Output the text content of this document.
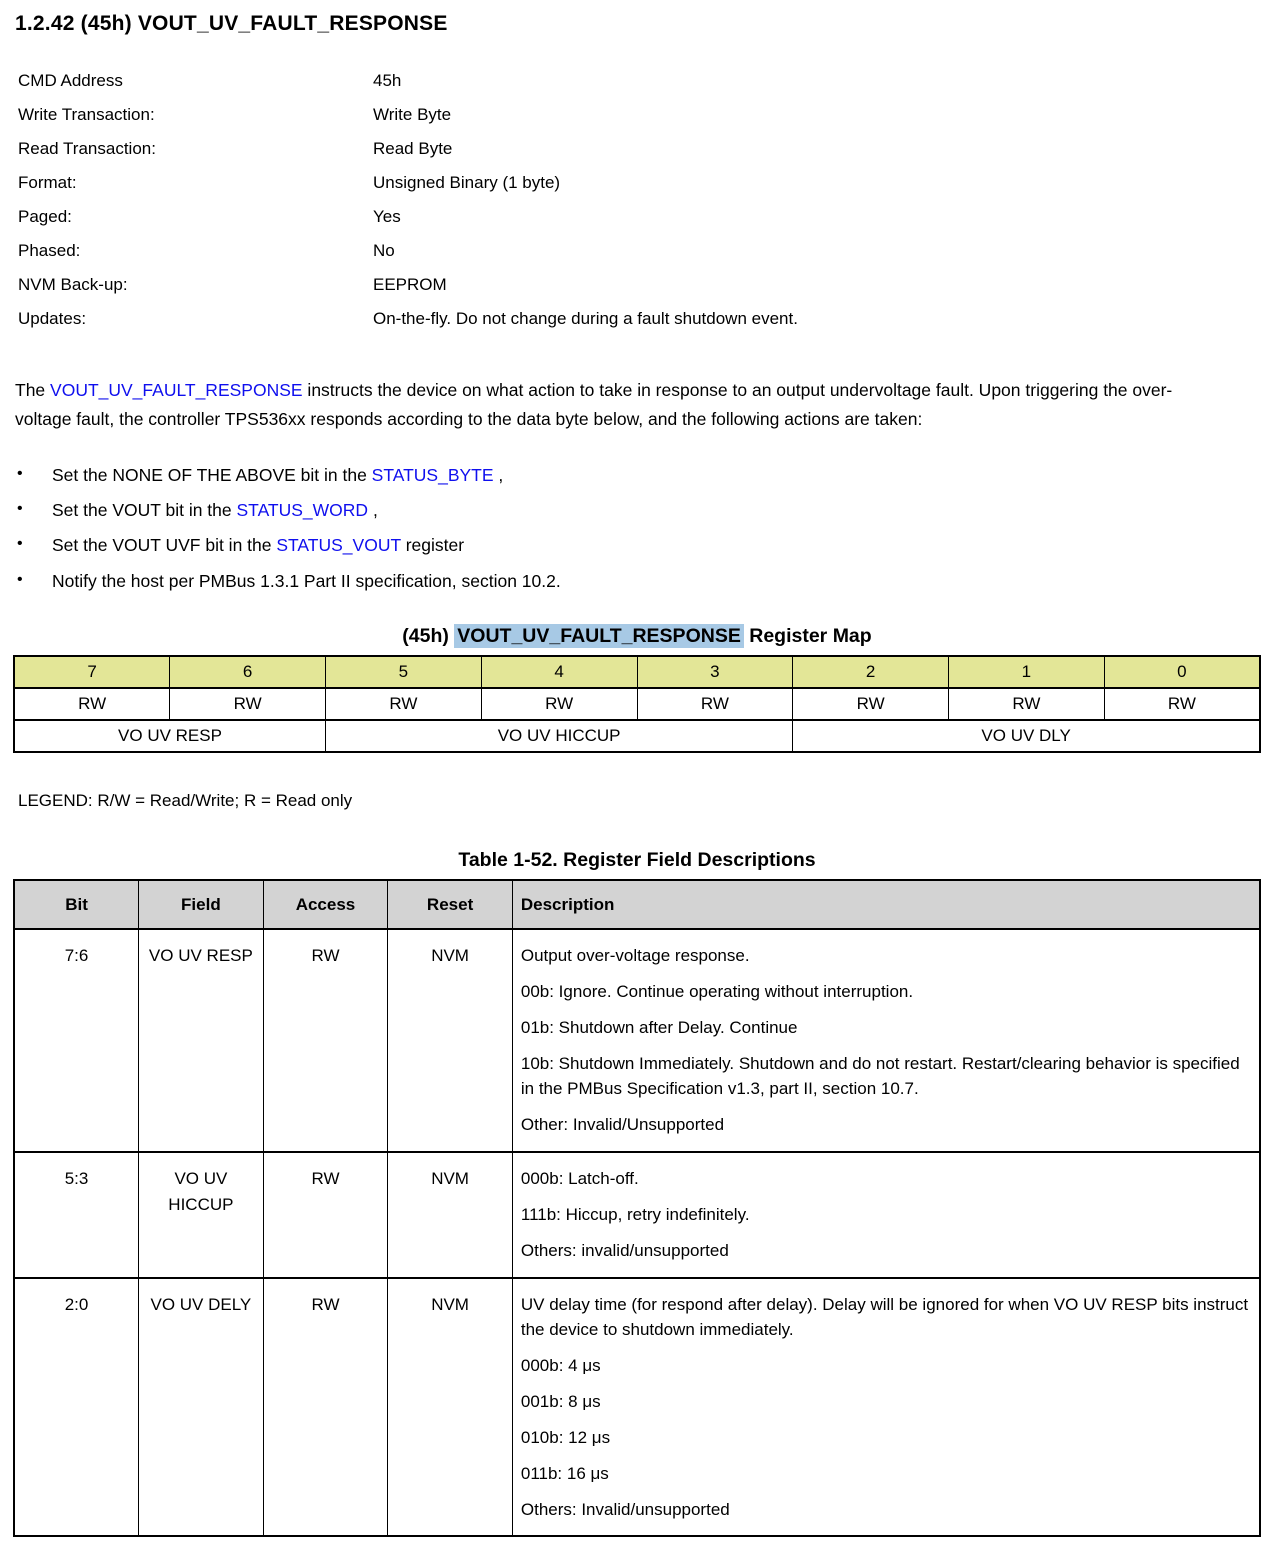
1.2.42 (45h) VOUT_UV_FAULT_RESPONSE
CMD Address	45h
Write Transaction:	Write Byte
Read Transaction:	Read Byte
Format:	Unsigned Binary (1 byte)
Paged:	Yes
Phased:	No
NVM Back-up:	EEPROM
Updates:	On-the-fly. Do not change during a fault shutdown event.

The VOUT_UV_FAULT_RESPONSE instructs the device on what action to take in response to an output undervoltage fault. Upon triggering the over-voltage fault, the controller TPS536xx responds according to the data byte below, and the following actions are taken:

• Set the NONE OF THE ABOVE bit in the STATUS_BYTE ,
• Set the VOUT bit in the STATUS_WORD ,
• Set the VOUT UVF bit in the STATUS_VOUT register
• Notify the host per PMBus 1.3.1 Part II specification, section 10.2.
(45h) VOUT_UV_FAULT_RESPONSE Register Map
7	6	5	4	3	2	1	0
RW	RW	RW	RW	RW	RW	RW	RW
VO UV RESP		VO UV HICCUP			VO UV DLY		

LEGEND: R/W = Read/Write; R = Read only

Table 1-52. Register Field Descriptions
Bit	Field	Access	Reset	Description
7:6	VO UV RESP	RW	NVM	Output over-voltage response.

00b: Ignore. Continue operating without interruption.

01b: Shutdown after Delay. Continue

10b: Shutdown Immediately. Shutdown and do not restart. Restart/clearing behavior is specified in the PMBus Specification v1.3, part II, section 10.7.

Other: Invalid/Unsupported

5:3	VO UV HICCUP	RW	NVM	000b: Latch-off.

111b: Hiccup, retry indefinitely.

Others: invalid/unsupported

2:0	VO UV DELY	RW	NVM	UV delay time (for respond after delay). Delay will be ignored for when VO UV RESP bits instruct the device to shutdown immediately.

000b: 4 μs

001b: 8 μs

010b: 12 μs

011b: 16 μs

Others: Invalid/unsupported
